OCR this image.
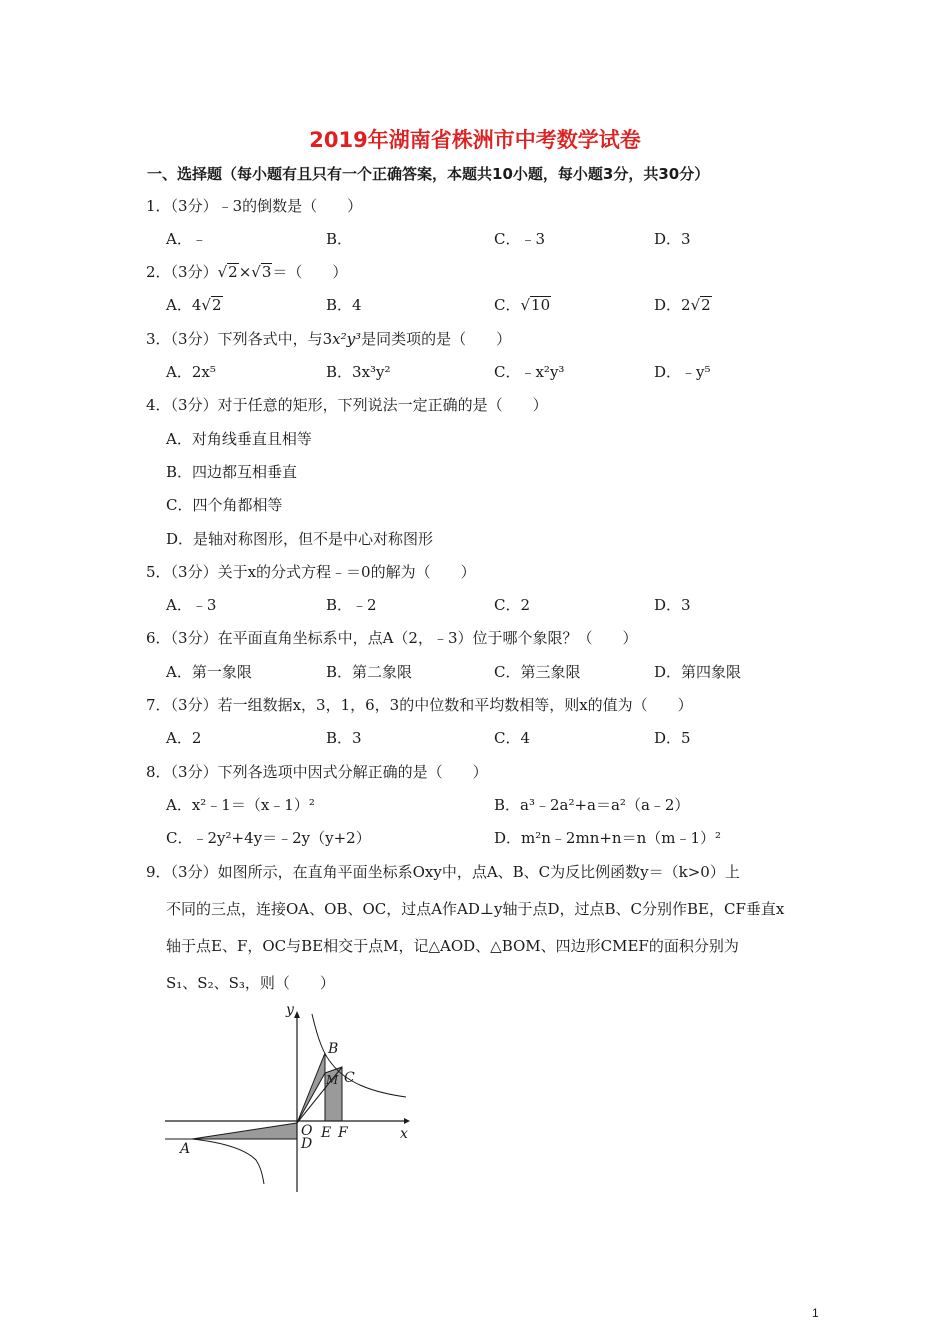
2019年湖南省株洲市中考数学试卷
一、选择题（每小题有且只有一个正确答案，本题共10小题，每小题3分，共30分）
1．（3分）﹣3的倒数是（　　）
A．﹣	B．	C．﹣3	D．3
2．（3分）√2×√3＝（　　）
A．4√2	B．4	C．√10	D．2√2
3．（3分）下列各式中，与3x²y³是同类项的是（　　）
A．2x⁵	B．3x³y²	C．﹣x²y³	D．﹣y⁵
4．（3分）对于任意的矩形，下列说法一定正确的是（　　）
A．对角线垂直且相等
B．四边都互相垂直
C．四个角都相等
D．是轴对称图形，但不是中心对称图形
5．（3分）关于x的分式方程﹣＝0的解为（　　）
A．﹣3	B．﹣2	C．2	D．3
6．（3分）在平面直角坐标系中，点A（2，﹣3）位于哪个象限？（　　）
A．第一象限	B．第二象限	C．第三象限	D．第四象限
7．（3分）若一组数据x，3，1，6，3的中位数和平均数相等，则x的值为（　　）
A．2	B．3	C．4	D．5
8．（3分）下列各选项中因式分解正确的是（　　）
A．x²﹣1＝（x﹣1）²	B．a³﹣2a²+a＝a²（a﹣2）
C．﹣2y²+4y＝﹣2y（y+2）	D．m²n﹣2mn+n＝n（m﹣1）²
9．（3分）如图所示，在直角平面坐标系Oxy中，点A、B、C为反比例函数y＝（k>0）上
不同的三点，连接OA、OB、OC，过点A作AD⊥y轴于点D，过点B、C分别作BE，CF垂直x
轴于点E、F，OC与BE相交于点M，记△AOD、△BOM、四边形CMEF的面积分别为
S₁、S₂、S₃，则（　　）
y
x
O
D
E F
A
B
C
M
1
